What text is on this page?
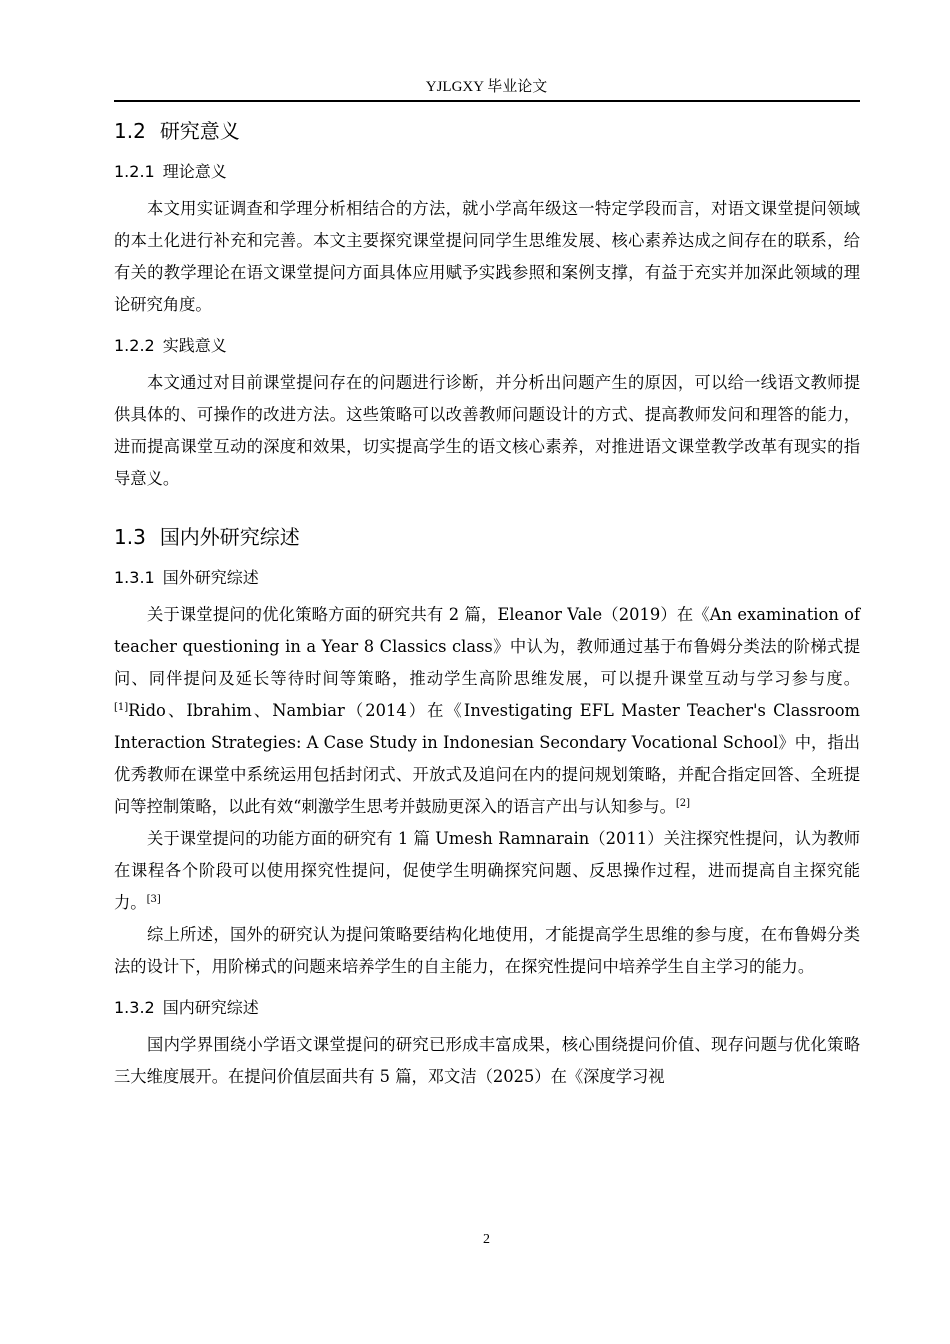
YJLGXY 毕业论文
1.2 研究意义
1.2.1 理论意义

本文用实证调查和学理分析相结合的方法，就小学高年级这一特定学段而言，对语文课堂提问领域的本土化进行补充和完善。本文主要探究课堂提问同学生思维发展、核心素养达成之间存在的联系，给有关的教学理论在语文课堂提问方面具体应用赋予实践参照和案例支撑，有益于充实并加深此领域的理论研究角度。

1.2.2 实践意义

本文通过对目前课堂提问存在的问题进行诊断，并分析出问题产生的原因，可以给一线语文教师提供具体的、可操作的改进方法。这些策略可以改善教师问题设计的方式、提高教师发问和理答的能力，进而提高课堂互动的深度和效果，切实提高学生的语文核心素养，对推进语文课堂教学改革有现实的指导意义。

1.3 国内外研究综述
1.3.1 国外研究综述

关于课堂提问的优化策略方面的研究共有 2 篇，Eleanor Vale（2019）在《An examination of teacher questioning in a Year 8 Classics class》中认为，教师通过基于布鲁姆分类法的阶梯式提问、同伴提问及延长等待时间等策略，推动学生高阶思维发展，可以提升课堂互动与学习参与度。[1]Rido、Ibrahim、Nambiar（2014）在《Investigating EFL Master Teacher's Classroom Interaction Strategies: A Case Study in Indonesian Secondary Vocational School》中，指出优秀教师在课堂中系统运用包括封闭式、开放式及追问在内的提问规划策略，并配合指定回答、全班提问等控制策略，以此有效“刺激学生思考并鼓励更深入的语言产出与认知参与。[2]

关于课堂提问的功能方面的研究有 1 篇 Umesh Ramnarain（2011）关注探究性提问，认为教师在课程各个阶段可以使用探究性提问，促使学生明确探究问题、反思操作过程，进而提高自主探究能力。[3]

综上所述，国外的研究认为提问策略要结构化地使用，才能提高学生思维的参与度，在布鲁姆分类法的设计下，用阶梯式的问题来培养学生的自主能力，在探究性提问中培养学生自主学习的能力。

1.3.2 国内研究综述

国内学界围绕小学语文课堂提问的研究已形成丰富成果，核心围绕提问价值、现存问题与优化策略三大维度展开。在提问价值层面共有 5 篇，邓文洁（2025）在《深度学习视

2
